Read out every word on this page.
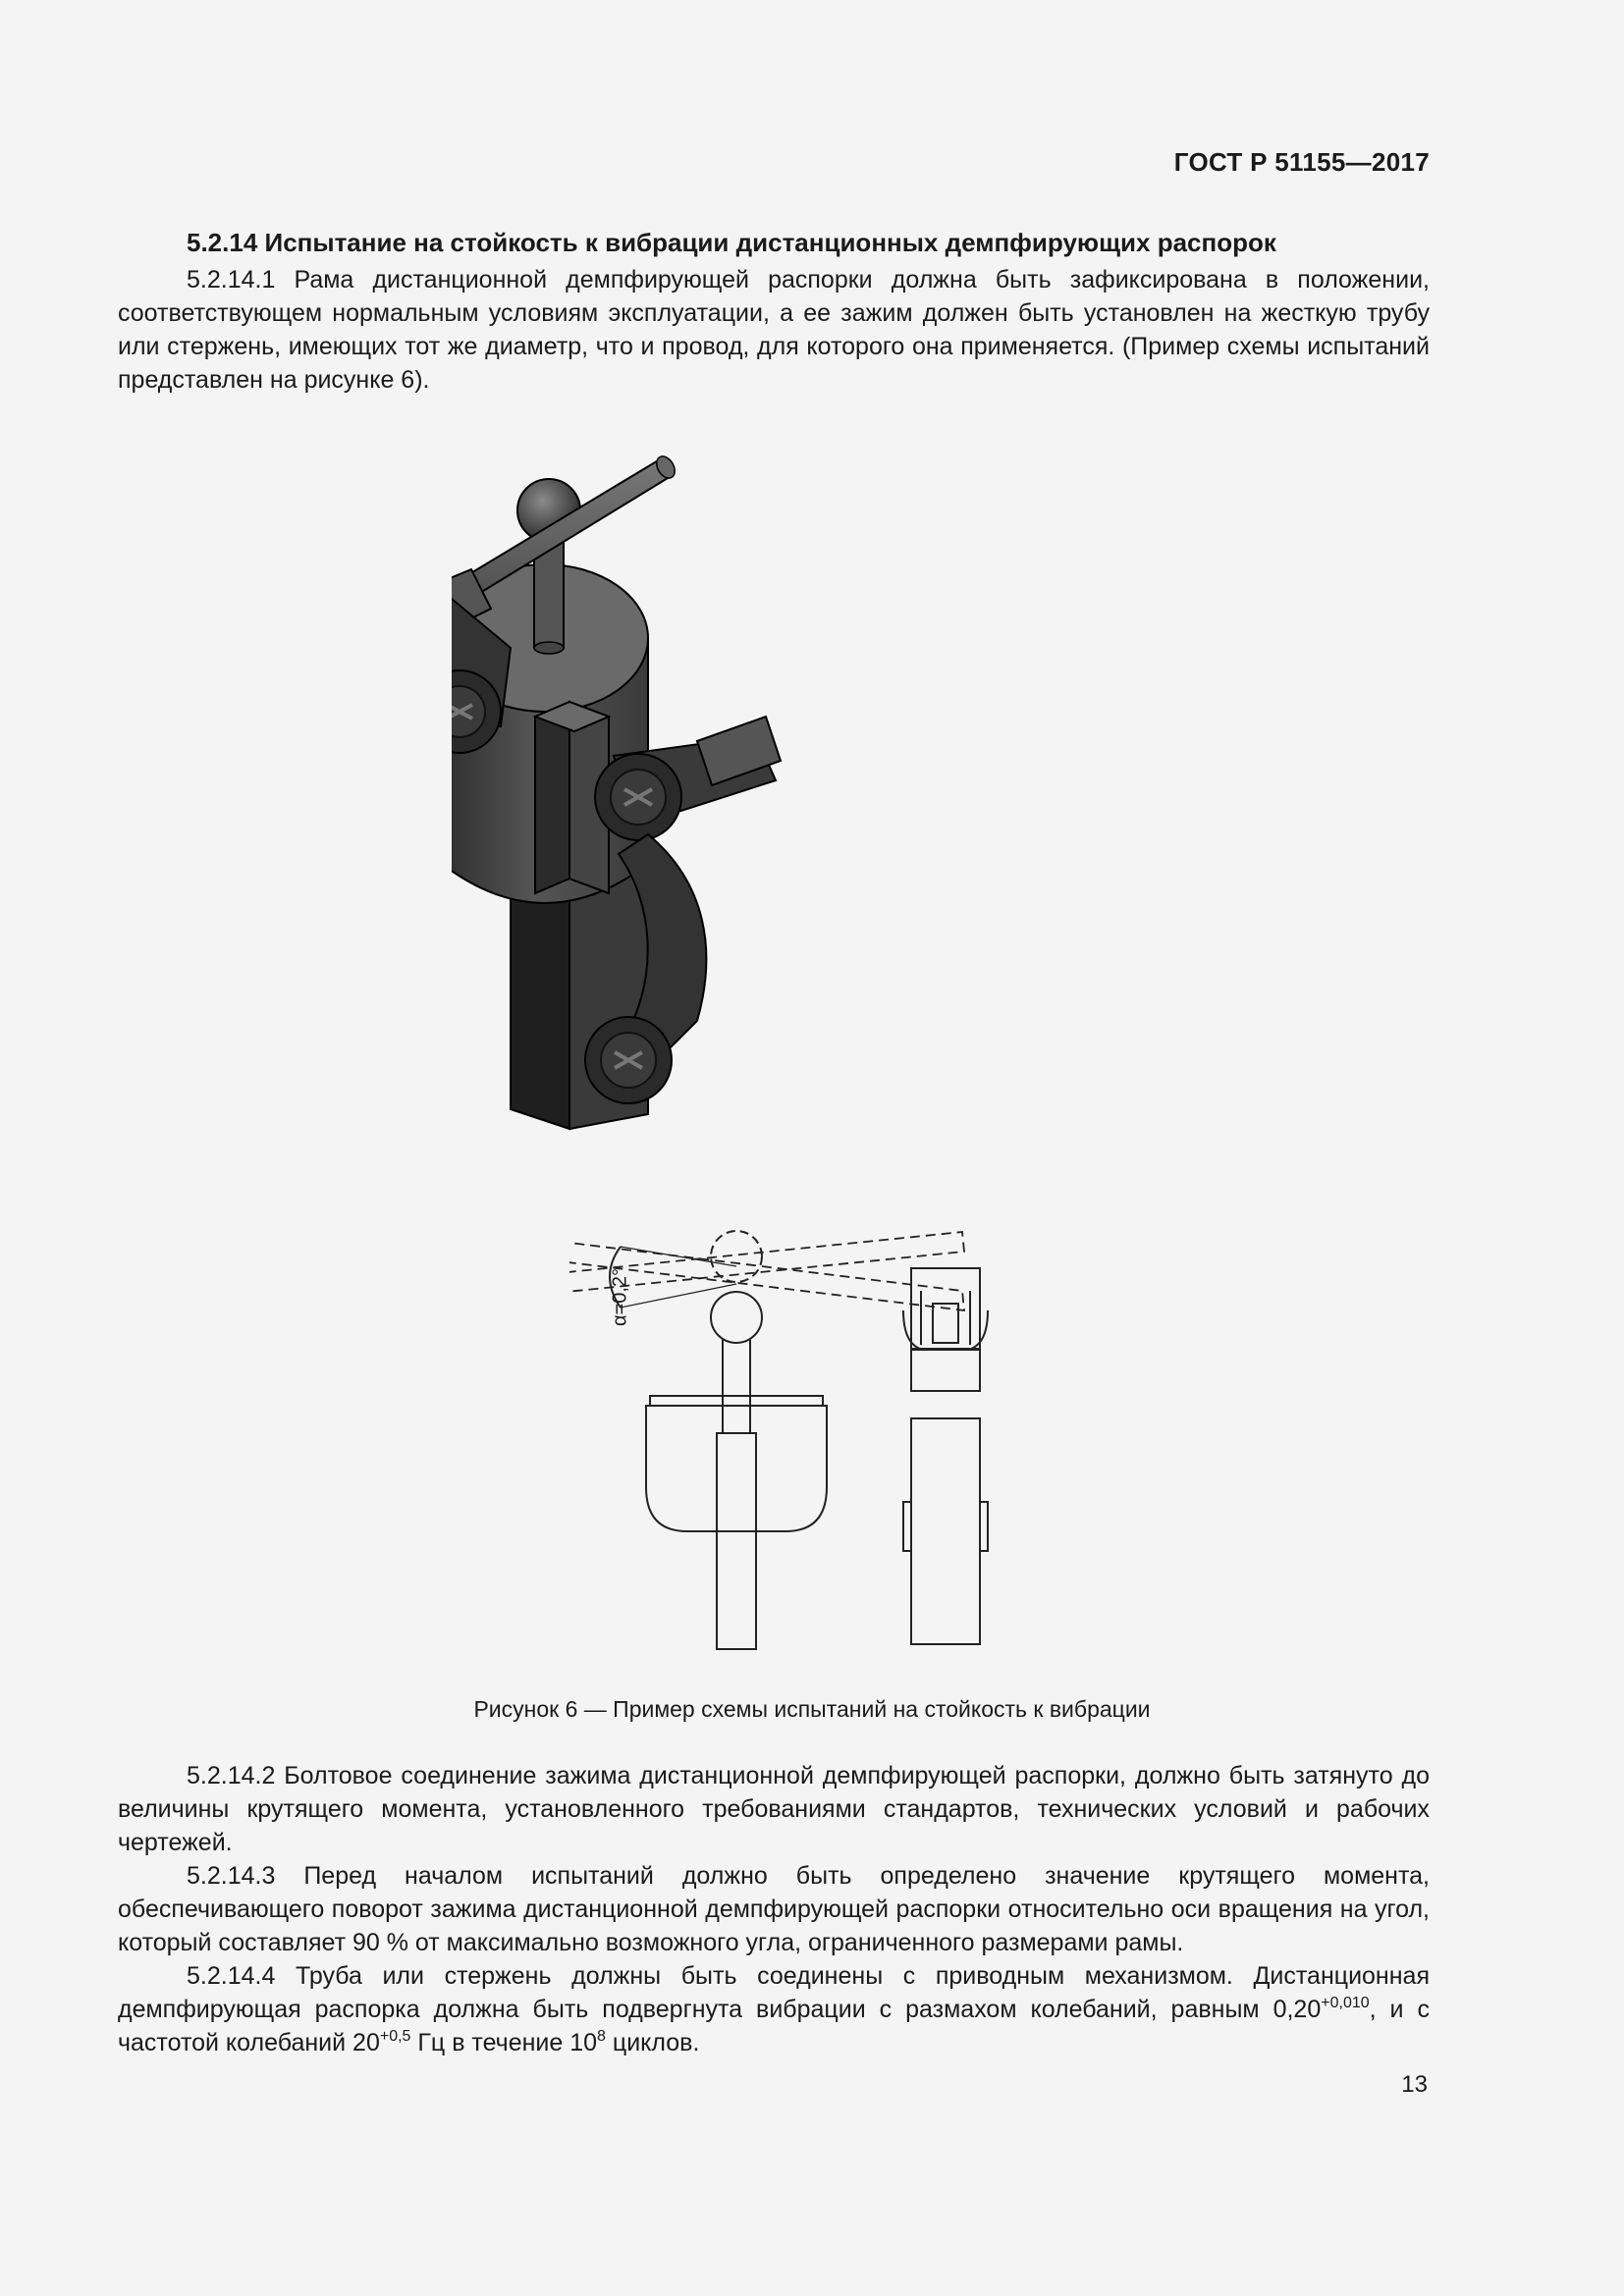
ГОСТ Р 51155—2017
5.2.14 Испытание на стойкость к вибрации дистанционных демпфирующих распорок

5.2.14.1 Рама дистанционной демпфирующей распорки должна быть зафиксирована в положении, соответствующем нормальным условиям эксплуатации, а ее зажим должен быть установлен на жесткую трубу или стержень, имеющих тот же диаметр, что и провод, для которого она применяется. (Пример схемы испытаний представлен на рисунке 6).

α=0,2°
Рисунок 6 — Пример схемы испытаний на стойкость к вибрации

5.2.14.2 Болтовое соединение зажима дистанционной демпфирующей распорки, должно быть затянуто до величины крутящего момента, установленного требованиями стандартов, технических условий и рабочих чертежей.

5.2.14.3 Перед началом испытаний должно быть определено значение крутящего момента, обеспечивающего поворот зажима дистанционной демпфирующей распорки относительно оси вращения на угол, который составляет 90 % от максимально возможного угла, ограниченного размерами рамы.

5.2.14.4 Труба или стержень должны быть соединены с приводным механизмом. Дистанционная демпфирующая распорка должна быть подвергнута вибрации с размахом колебаний, равным $0,20^{+0,010}$, и с частотой колебаний $20^{+0,5}$ Гц в течение $10^8$ циклов.

13
